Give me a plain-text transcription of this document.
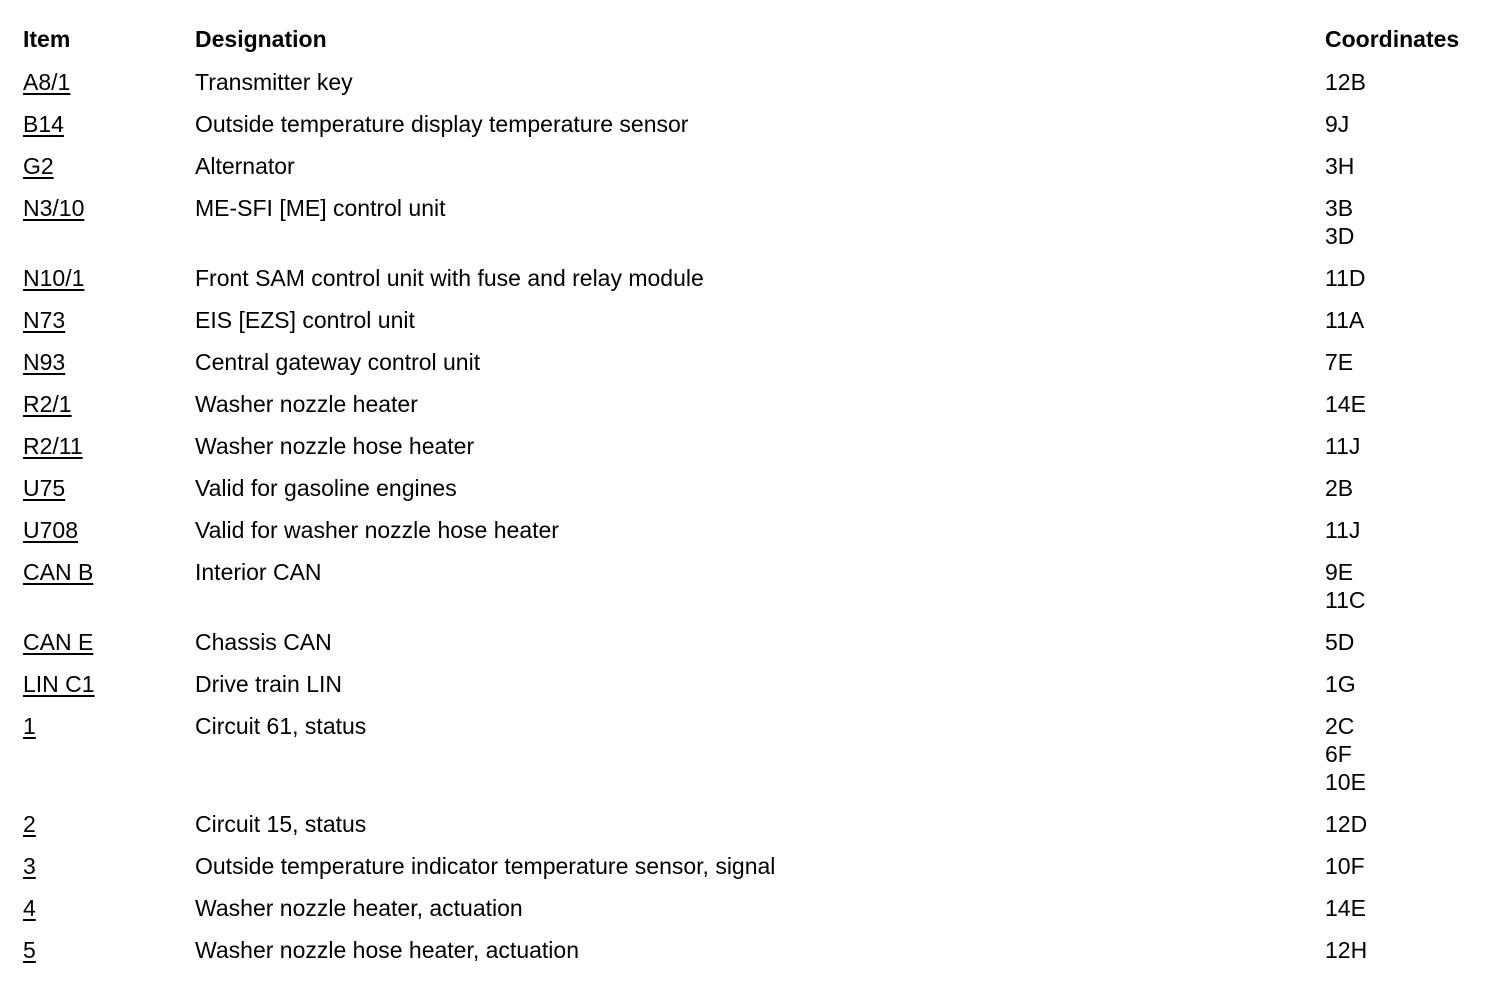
Item	Designation	Coordinates
A8/1	Transmitter key	12B
B14	Outside temperature display temperature sensor	9J
G2	Alternator	3H
N3/10	ME-SFI [ME] control unit	3B
3D
N10/1	Front SAM control unit with fuse and relay module	11D
N73	EIS [EZS] control unit	11A
N93	Central gateway control unit	7E
R2/1	Washer nozzle heater	14E
R2/11	Washer nozzle hose heater	11J
U75	Valid for gasoline engines	2B
U708	Valid for washer nozzle hose heater	11J
CAN B	Interior CAN	9E
11C
CAN E	Chassis CAN	5D
LIN C1	Drive train LIN	1G
1	Circuit 61, status	2C
6F
10E
2	Circuit 15, status	12D
3	Outside temperature indicator temperature sensor, signal	10F
4	Washer nozzle heater, actuation	14E
5	Washer nozzle hose heater, actuation	12H
